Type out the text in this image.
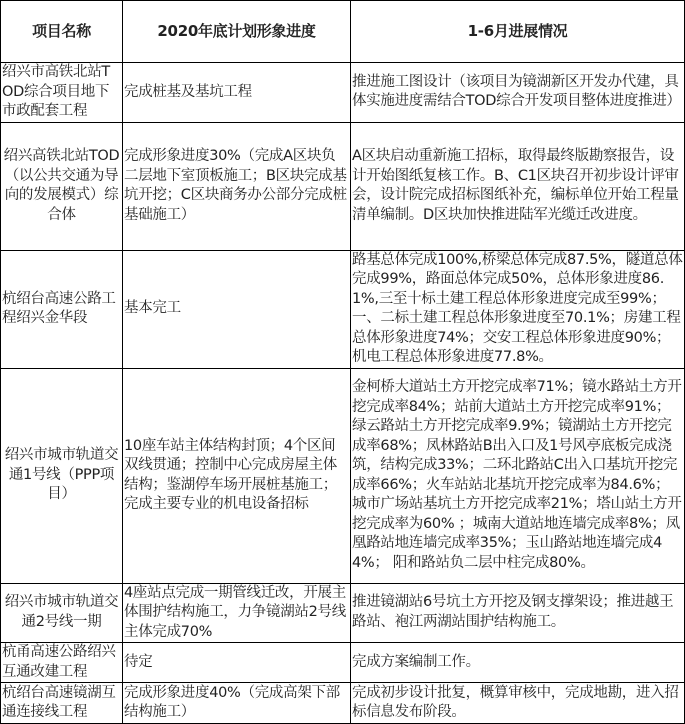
项目名称	2020年底计划形象进度	1-6月进展情况
绍兴市高铁北站TOD综合项目地下市政配套工程	完成桩基及基坑工程	推进施工图设计（该项目为镜湖新区开发办代建，具体实施进度需结合TOD综合开发项目整体进度推进）
绍兴高铁北站TOD（以公共交通为导向的发展模式）综合体	完成形象进度30%（完成A区块负二层地下室顶板施工；B区块完成基坑开挖；C区块商务办公部分完成桩基础施工）	A区块启动重新施工招标，取得最终版勘察报告，设计开始图纸复核工作。B、C1区块召开初步设计评审会，设计院完成招标图纸补充，编标单位开始工程量清单编制。D区块加快推进陆军光缆迁改进度。
杭绍台高速公路工程绍兴金华段	基本完工	路基总体完成100%,桥梁总体完成87.5%，隧道总体完成99%，路面总体完成50%，总体形象进度86.1%,三至十标土建工程总体形象进度完成至99%；一、二标土建工程总体形象进度至70.1%；房建工程总体形象进度74%；交安工程总体形象进度90%；机电工程总体形象进度77.8%。
绍兴市城市轨道交通1号线（PPP项目）	10座车站主体结构封顶；4个区间双线贯通；控制中心完成房屋主体结构；鉴湖停车场开展桩基施工；完成主要专业的机电设备招标	金柯桥大道站土方开挖完成率71%；镜水路站土方开挖完成率84%；站前大道站土方开挖完成率91%；绿云路站土方开挖完成率9.9%；镜湖站土方开挖完成率68%；凤林路站B出入口及1号风亭底板完成浇筑，结构完成33%；二环北路站C出入口基坑开挖完成率66%；火车站站北基坑开挖完成率为84.6%；城市广场站基坑土方开挖完成率21%；塔山站土方开挖完成率为60% ；城南大道站地连墙完成率8%；凤凰路站地连墙完成率35%；玉山路站地连墙完成44%； 阳和路站负二层中柱完成80%。
绍兴市城市轨道交通2号线一期	4座站点完成一期管线迁改，开展主体围护结构施工，力争镜湖站2号线主体完成70%	推进镜湖站6号坑土方开挖及钢支撑架设；推进越王路站、袍江两湖站围护结构施工。
杭甬高速公路绍兴互通改建工程	待定	完成方案编制工作。
杭绍台高速镜湖互通连接线工程	完成形象进度40%（完成高架下部结构施工）	完成初步设计批复，概算审核中，完成地勘，进入招标信息发布阶段。
